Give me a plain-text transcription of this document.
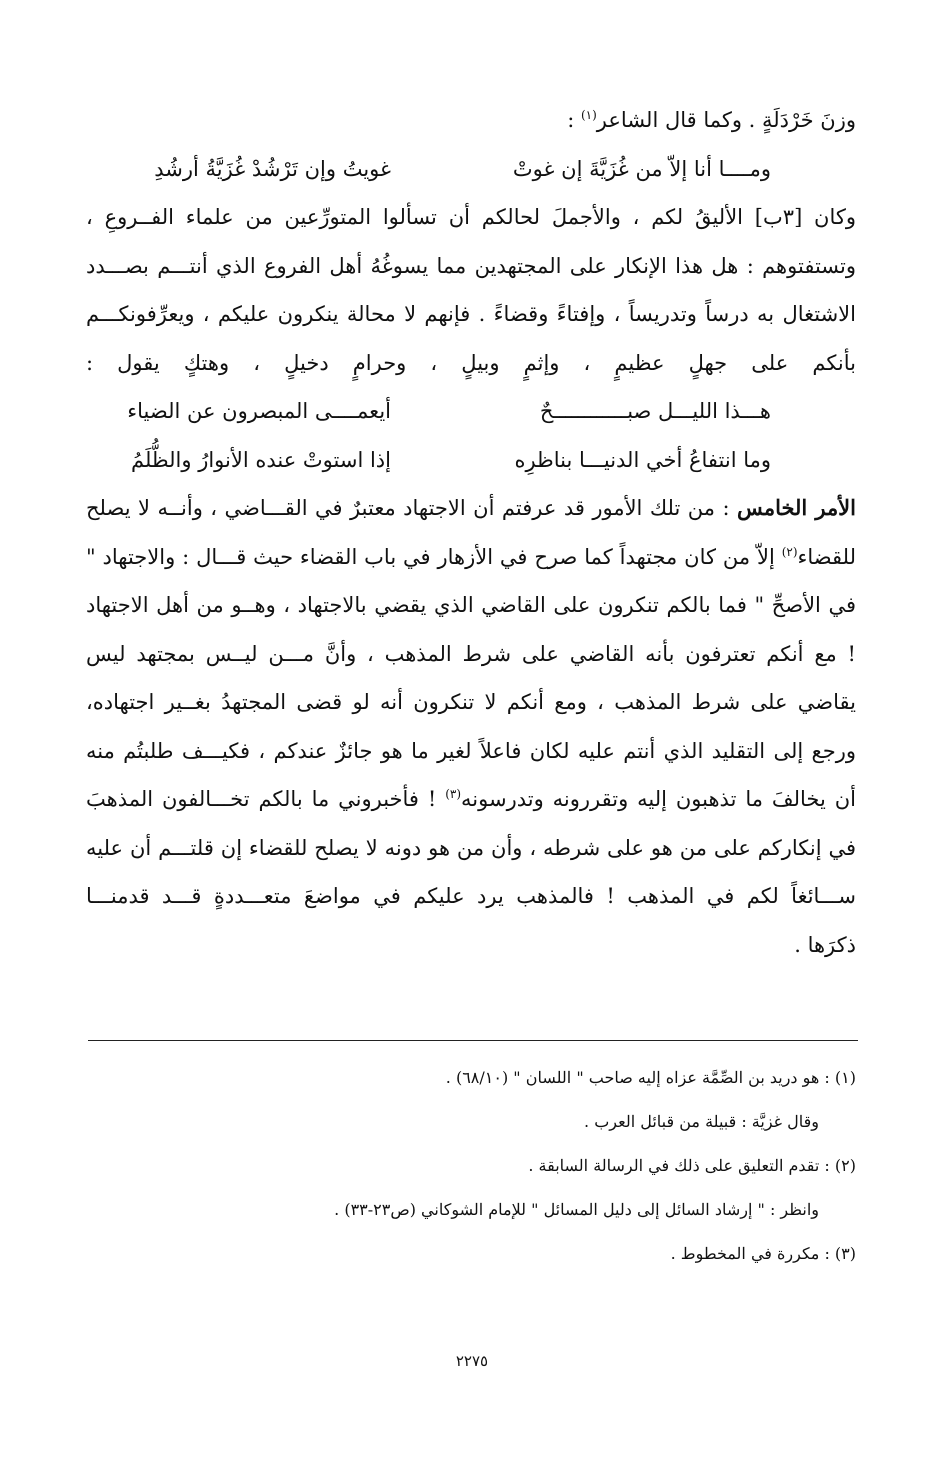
وزنَ خَرْدَلَةٍ . وكما قال الشاعر$^{(١)}$ :

ومــــا أنا إلاّ من غُزَيَّةَ إن غوتْ
غويتُ وإن تَرْشُدْ غُزَيَّةُ أرشُدِ

وكان [٣ب] الأليقُ لكم ، والأجملَ لحالكم أن تسألوا المتورِّعين من علماء الفــروعِ ، وتستفتوهم : هل هذا الإنكار على المجتهدين مما يسوغُهُ أهل الفروع الذي أنتـــم بصـــدد الاشتغال به درساً وتدريساً ، وإفتاءً وقضاءً . فإنهم لا محالة ينكرون عليكم ، ويعرِّفونكـــم بأنكم على جهلٍ عظيمٍ ، وإثمٍ وبيلٍ ، وحرامٍ دخيلٍ ، وهتكٍ يقول :

هـــذا الليـــل صبــــــــــــحٌ
أيعمــــى المبصرون عن الضياء
وما انتفاعُ أخي الدنيـــا بناظرِه
إذا استوتْ عنده الأنوارُ والظُّلَمُ

الأمر الخامس : من تلك الأمور قد عرفتم أن الاجتهاد معتبرٌ في القـــاضي ، وأنــه لا يصلح للقضاء$^{(٢)}$ إلاّ من كان مجتهداً كما صرح في الأزهار في باب القضاء حيث قـــال : والاجتهاد " في الأصحِّ " فما بالكم تنكرون على القاضي الذي يقضي بالاجتهاد ، وهــو من أهل الاجتهاد ! مع أنكم تعترفون بأنه القاضي على شرط المذهب ، وأنَّ مـــن ليــس بمجتهد ليس يقاضي على شرط المذهب ، ومع أنكم لا تنكرون أنه لو قضى المجتهدُ بغــير اجتهاده، ورجع إلى التقليد الذي أنتم عليه لكان فاعلاً لغير ما هو جائزٌ عندكم ، فكيـــف طلبتُم منه أن يخالفَ ما تذهبون إليه وتقررونه وتدرسونه$^{(٣)}$ ! فأخبروني ما بالكم تخـــالفون المذهبَ في إنكاركم على من هو على شرطه ، وأن من هو دونه لا يصلح للقضاء إن قلتـــم أن عليه ســـائغاً لكم في المذهب ! فالمذهب يرد عليكم في مواضعَ متعـــددةٍ قـــد قدمنـــا

ذكرَها .

(١) : هو دريد بن الصِّمَّة عزاه إليه صاحب " اللسان " (٦٨/١٠) .

وقال غزيَّة : قبيلة من قبائل العرب .

(٢) : تقدم التعليق على ذلك في الرسالة السابقة .

وانظر : " إرشاد السائل إلى دليل المسائل " للإمام الشوكاني (ص٢٣-٣٣) .

(٣) : مكررة في المخطوط .

٢٢٧٥
